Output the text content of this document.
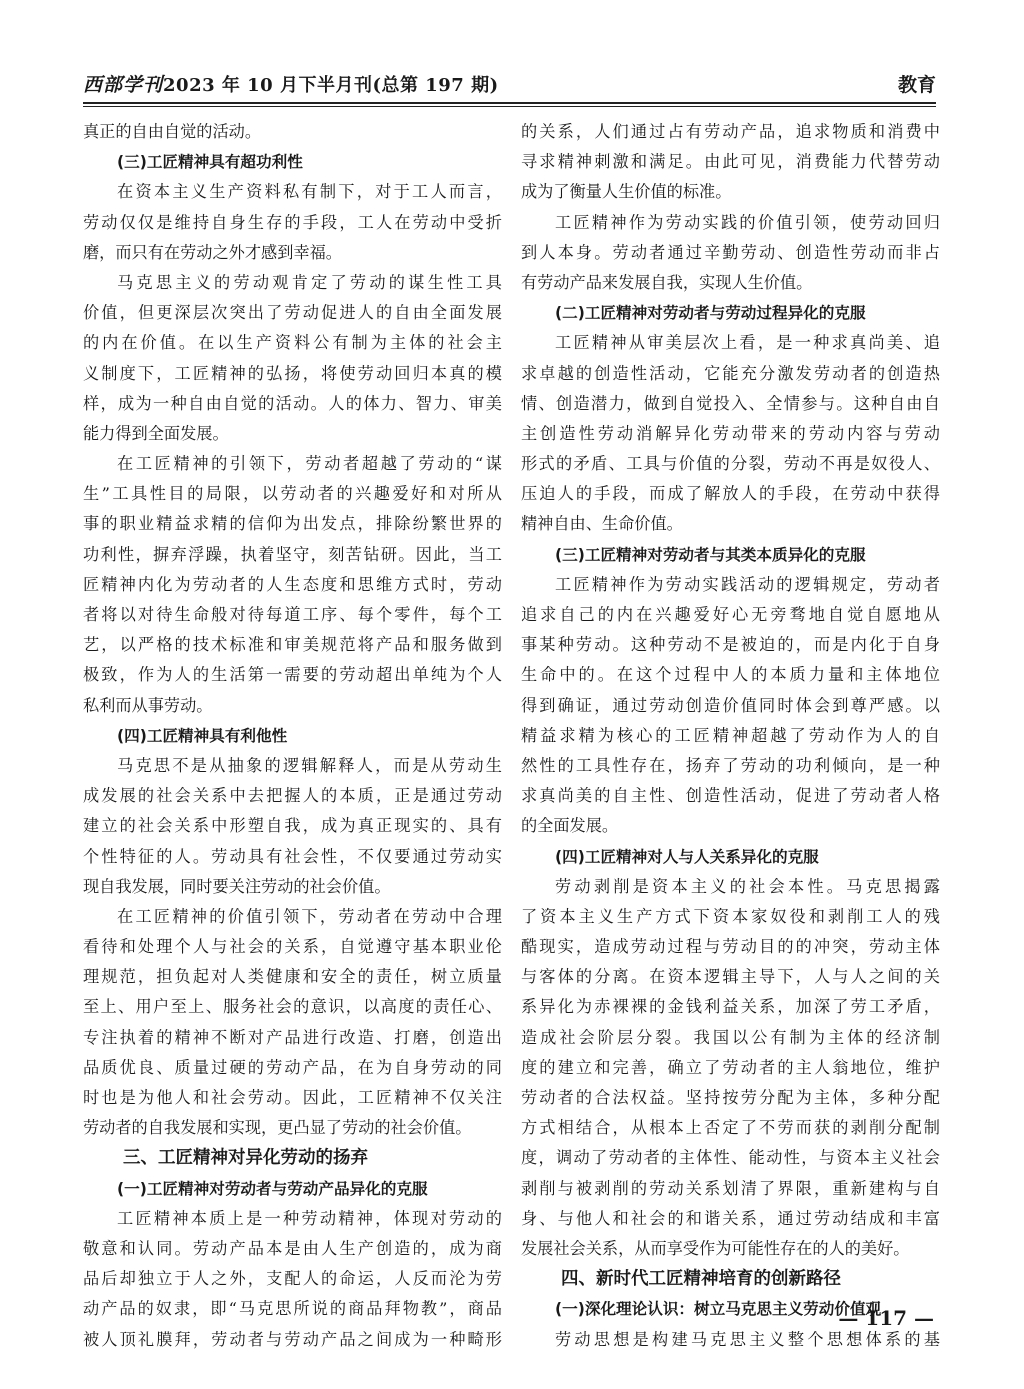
西部学刊2023 年 10 月下半月刊(总第 197 期)	教育
真正的自由自觉的活动。
(三)工匠精神具有超功利性
在资本主义生产资料私有制下，对于工人而言，
劳动仅仅是维持自身生存的手段，工人在劳动中受折
磨，而只有在劳动之外才感到幸福。
马克思主义的劳动观肯定了劳动的谋生性工具
价值，但更深层次突出了劳动促进人的自由全面发展
的内在价值。在以生产资料公有制为主体的社会主
义制度下，工匠精神的弘扬，将使劳动回归本真的模
样，成为一种自由自觉的活动。人的体力、智力、审美
能力得到全面发展。
在工匠精神的引领下，劳动者超越了劳动的“谋
生”工具性目的局限，以劳动者的兴趣爱好和对所从
事的职业精益求精的信仰为出发点，排除纷繁世界的
功利性，摒弃浮躁，执着坚守，刻苦钻研。因此，当工
匠精神内化为劳动者的人生态度和思维方式时，劳动
者将以对待生命般对待每道工序、每个零件，每个工
艺，以严格的技术标准和审美规范将产品和服务做到
极致，作为人的生活第一需要的劳动超出单纯为个人
私利而从事劳动。
(四)工匠精神具有利他性
马克思不是从抽象的逻辑解释人，而是从劳动生
成发展的社会关系中去把握人的本质，正是通过劳动
建立的社会关系中形塑自我，成为真正现实的、具有
个性特征的人。劳动具有社会性，不仅要通过劳动实
现自我发展，同时要关注劳动的社会价值。
在工匠精神的价值引领下，劳动者在劳动中合理
看待和处理个人与社会的关系，自觉遵守基本职业伦
理规范，担负起对人类健康和安全的责任，树立质量
至上、用户至上、服务社会的意识，以高度的责任心、
专注执着的精神不断对产品进行改造、打磨，创造出
品质优良、质量过硬的劳动产品，在为自身劳动的同
时也是为他人和社会劳动。因此，工匠精神不仅关注
劳动者的自我发展和实现，更凸显了劳动的社会价值。
三、工匠精神对异化劳动的扬弃
(一)工匠精神对劳动者与劳动产品异化的克服
工匠精神本质上是一种劳动精神，体现对劳动的
敬意和认同。劳动产品本是由人生产创造的，成为商
品后却独立于人之外，支配人的命运，人反而沦为劳
动产品的奴隶，即“马克思所说的商品拜物教”，商品
被人顶礼膜拜，劳动者与劳动产品之间成为一种畸形
的关系，人们通过占有劳动产品，追求物质和消费中
寻求精神刺激和满足。由此可见，消费能力代替劳动
成为了衡量人生价值的标准。
工匠精神作为劳动实践的价值引领，使劳动回归
到人本身。劳动者通过辛勤劳动、创造性劳动而非占
有劳动产品来发展自我，实现人生价值。
(二)工匠精神对劳动者与劳动过程异化的克服
工匠精神从审美层次上看，是一种求真尚美、追
求卓越的创造性活动，它能充分激发劳动者的创造热
情、创造潜力，做到自觉投入、全情参与。这种自由自
主创造性劳动消解异化劳动带来的劳动内容与劳动
形式的矛盾、工具与价值的分裂，劳动不再是奴役人、
压迫人的手段，而成了解放人的手段，在劳动中获得
精神自由、生命价值。
(三)工匠精神对劳动者与其类本质异化的克服
工匠精神作为劳动实践活动的逻辑规定，劳动者
追求自己的内在兴趣爱好心无旁骛地自觉自愿地从
事某种劳动。这种劳动不是被迫的，而是内化于自身
生命中的。在这个过程中人的本质力量和主体地位
得到确证，通过劳动创造价值同时体会到尊严感。以
精益求精为核心的工匠精神超越了劳动作为人的自
然性的工具性存在，扬弃了劳动的功利倾向，是一种
求真尚美的自主性、创造性活动，促进了劳动者人格
的全面发展。
(四)工匠精神对人与人关系异化的克服
劳动剥削是资本主义的社会本性。马克思揭露
了资本主义生产方式下资本家奴役和剥削工人的残
酷现实，造成劳动过程与劳动目的的冲突，劳动主体
与客体的分离。在资本逻辑主导下，人与人之间的关
系异化为赤裸裸的金钱利益关系，加深了劳工矛盾，
造成社会阶层分裂。我国以公有制为主体的经济制
度的建立和完善，确立了劳动者的主人翁地位，维护
劳动者的合法权益。坚持按劳分配为主体，多种分配
方式相结合，从根本上否定了不劳而获的剥削分配制
度，调动了劳动者的主体性、能动性，与资本主义社会
剥削与被剥削的劳动关系划清了界限，重新建构与自
身、与他人和社会的和谐关系，通过劳动结成和丰富
发展社会关系，从而享受作为可能性存在的人的美好。
四、新时代工匠精神培育的创新路径
(一)深化理论认识：树立马克思主义劳动价值观
劳动思想是构建马克思主义整个思想体系的基
— 117 —
